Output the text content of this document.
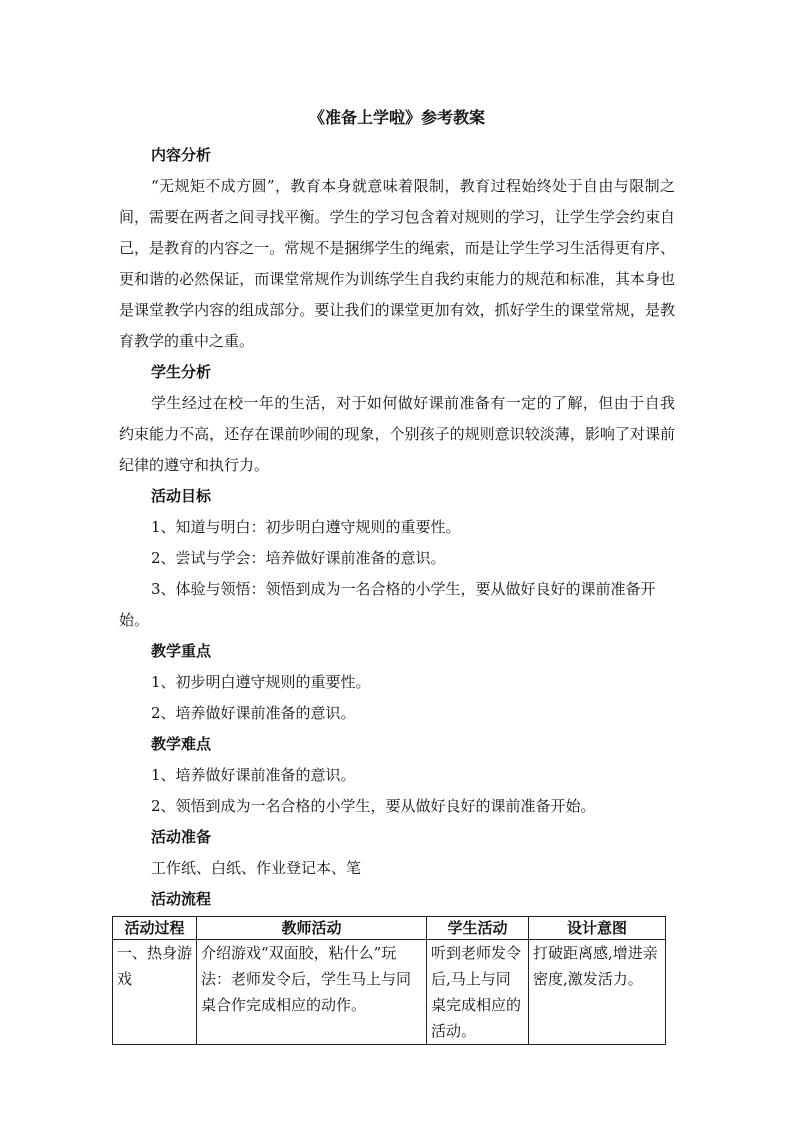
《准备上学啦》参考教案
内容分析
“无规矩不成方圆”，教育本身就意味着限制，教育过程始终处于自由与限制之间，需要在两者之间寻找平衡。学生的学习包含着对规则的学习，让学生学会约束自己，是教育的内容之一。常规不是捆绑学生的绳索，而是让学生学习生活得更有序、更和谐的必然保证，而课堂常规作为训练学生自我约束能力的规范和标准，其本身也是课堂教学内容的组成部分。要让我们的课堂更加有效，抓好学生的课堂常规，是教育教学的重中之重。
学生分析
学生经过在校一年的生活，对于如何做好课前准备有一定的了解，但由于自我约束能力不高，还存在课前吵闹的现象，个别孩子的规则意识较淡薄，影响了对课前纪律的遵守和执行力。
活动目标
1、知道与明白：初步明白遵守规则的重要性。
2、尝试与学会：培养做好课前准备的意识。
3、体验与领悟：领悟到成为一名合格的小学生，要从做好良好的课前准备开始。
教学重点
1、初步明白遵守规则的重要性。
2、培养做好课前准备的意识。
教学难点
1、培养做好课前准备的意识。
2、领悟到成为一名合格的小学生，要从做好良好的课前准备开始。
活动准备
工作纸、白纸、作业登记本、笔
活动流程
活动过程	教师活动	学生活动	设计意图
一、热身游戏	介绍游戏“双面胶，粘什么”玩法：老师发令后，学生马上与同桌合作完成相应的动作。	听到老师发令后,马上与同桌完成相应的活动。	打破距离感,增进亲密度,激发活力。
